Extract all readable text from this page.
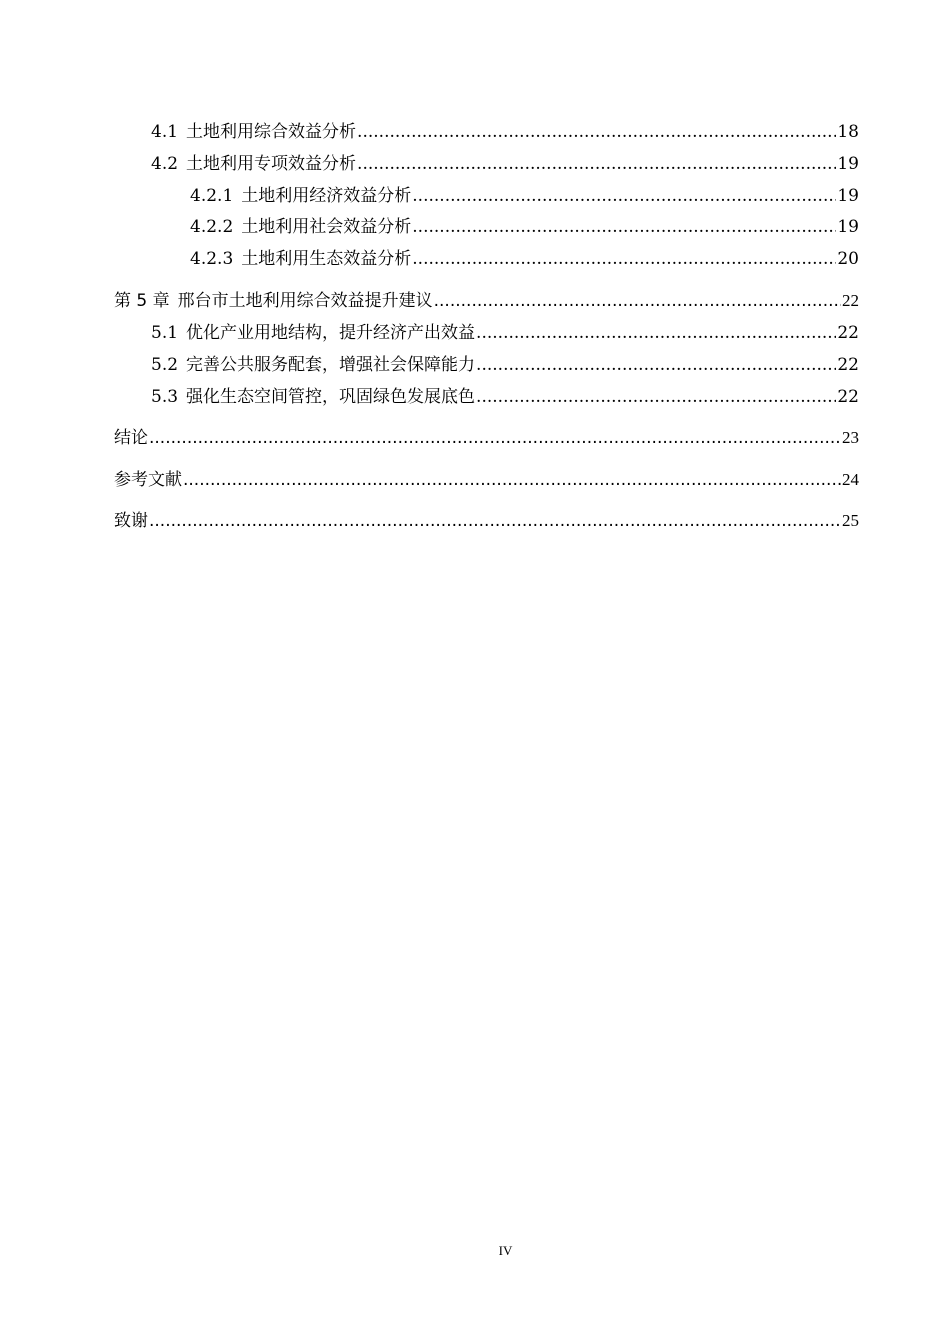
4.1 土地利用综合效益分析 .....	18
4.2 土地利用专项效益分析 .....	19
4.2.1 土地利用经济效益分析 .....	19
4.2.2 土地利用社会效益分析 .....	19
4.2.3 土地利用生态效益分析 .....	20
第 5 章 邢台市土地利用综合效益提升建议 .....	22
5.1 优化产业用地结构，提升经济产出效益 .....	22
5.2 完善公共服务配套，增强社会保障能力 .....	22
5.3 强化生态空间管控，巩固绿色发展底色 .....	22
结论 .....	23
参考文献 .....	24
致谢 .....	25
IV
